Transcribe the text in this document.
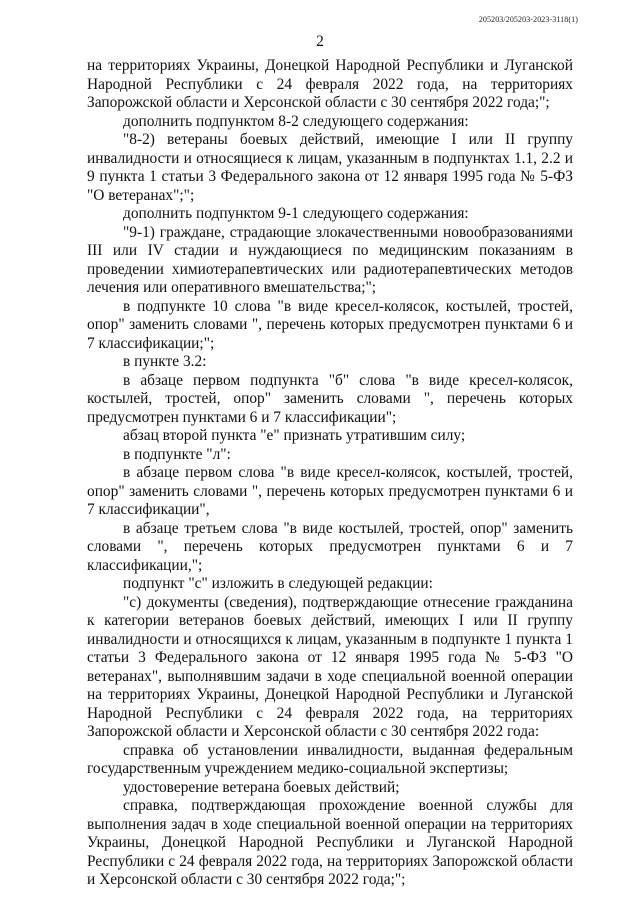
205203/205203-2023-3118(1)
2

на территориях Украины, Донецкой Народной Республики и Луганской Народной Республики с 24 февраля 2022 года, на территориях Запорожской области и Херсонской области с 30 сентября 2022 года;";

дополнить подпунктом 8-2 следующего содержания:

"8-2) ветераны боевых действий, имеющие I или II группу инвалидности и относящиеся к лицам, указанным в подпунктах 1.1, 2.2 и 9 пункта 1 статьи 3 Федерального закона от 12 января 1995 года № 5-ФЗ "О ветеранах";";

дополнить подпунктом 9-1 следующего содержания:

"9-1) граждане, страдающие злокачественными новообразованиями III или IV стадии и нуждающиеся по медицинским показаниям в проведении химиотерапевтических или радиотерапевтических методов лечения или оперативного вмешательства;";

в подпункте 10 слова "в виде кресел-колясок, костылей, тростей, опор" заменить словами ", перечень которых предусмотрен пунктами 6 и 7 классификации;";

в пункте 3.2:

в абзаце первом подпункта "б" слова "в виде кресел-колясок, костылей, тростей, опор" заменить словами ", перечень которых предусмотрен пунктами 6 и 7 классификации";

абзац второй пункта "е" признать утратившим силу;

в подпункте "л":

в абзаце первом слова "в виде кресел-колясок, костылей, тростей, опор" заменить словами ", перечень которых предусмотрен пунктами 6 и 7 классификации",

в абзаце третьем слова "в виде костылей, тростей, опор" заменить словами ", перечень которых предусмотрен пунктами 6 и 7 классификации,";

подпункт "с" изложить в следующей редакции:

"с) документы (сведения), подтверждающие отнесение гражданина к категории ветеранов боевых действий, имеющих I или II группу инвалидности и относящихся к лицам, указанным в подпункте 1 пункта 1 статьи 3 Федерального закона от 12 января 1995 года № 5-ФЗ "О ветеранах", выполнявшим задачи в ходе специальной военной операции на территориях Украины, Донецкой Народной Республики и Луганской Народной Республики с 24 февраля 2022 года, на территориях Запорожской области и Херсонской области с 30 сентября 2022 года:

справка об установлении инвалидности, выданная федеральным государственным учреждением медико-социальной экспертизы;

удостоверение ветерана боевых действий;

справка, подтверждающая прохождение военной службы для выполнения задач в ходе специальной военной операции на территориях Украины, Донецкой Народной Республики и Луганской Народной Республики с 24 февраля 2022 года, на территориях Запорожской области и Херсонской области с 30 сентября 2022 года;";
